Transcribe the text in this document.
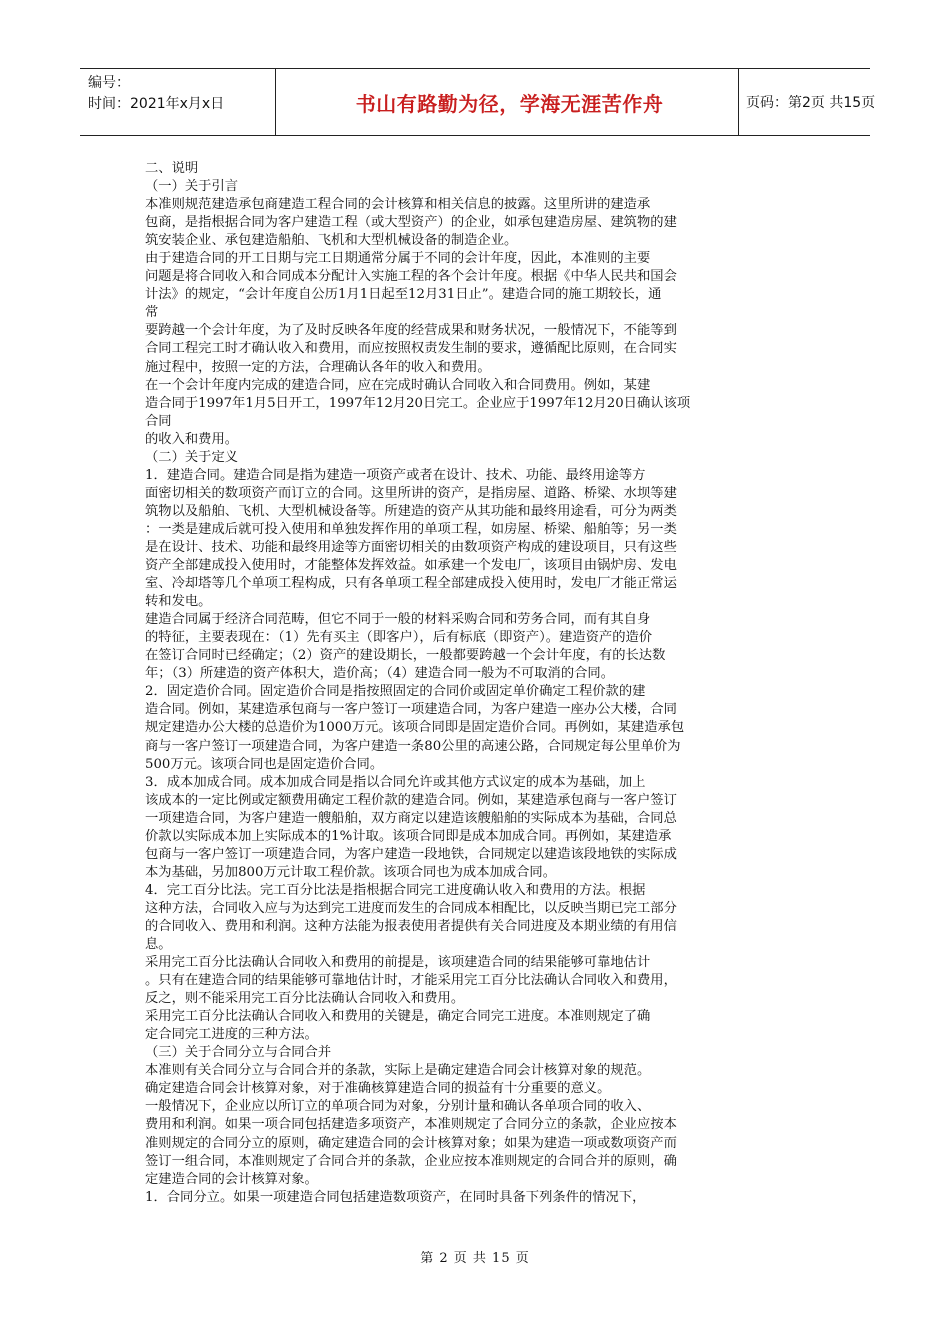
编号：
时间：2021年x月x日	书山有路勤为径，学海无涯苦作舟	页码：第2页 共15页
二、说明
（一）关于引言
本准则规范建造承包商建造工程合同的会计核算和相关信息的披露。这里所讲的建造承
包商，是指根据合同为客户建造工程（或大型资产）的企业，如承包建造房屋、建筑物的建
筑安装企业、承包建造船舶、飞机和大型机械设备的制造企业。
由于建造合同的开工日期与完工日期通常分属于不同的会计年度，因此，本准则的主要
问题是将合同收入和合同成本分配计入实施工程的各个会计年度。根据《中华人民共和国会
计法》的规定，“会计年度自公历1月1日起至12月31日止”。建造合同的施工期较长，通
常
要跨越一个会计年度，为了及时反映各年度的经营成果和财务状况，一般情况下，不能等到
合同工程完工时才确认收入和费用，而应按照权责发生制的要求，遵循配比原则，在合同实
施过程中，按照一定的方法，合理确认各年的收入和费用。
在一个会计年度内完成的建造合同，应在完成时确认合同收入和合同费用。例如，某建
造合同于1997年1月5日开工，1997年12月20日完工。企业应于1997年12月20日确认该项
合同
的收入和费用。
（二）关于定义
1．建造合同。建造合同是指为建造一项资产或者在设计、技术、功能、最终用途等方
面密切相关的数项资产而订立的合同。这里所讲的资产，是指房屋、道路、桥梁、水坝等建
筑物以及船舶、飞机、大型机械设备等。所建造的资产从其功能和最终用途看，可分为两类
：一类是建成后就可投入使用和单独发挥作用的单项工程，如房屋、桥梁、船舶等；另一类
是在设计、技术、功能和最终用途等方面密切相关的由数项资产构成的建设项目，只有这些
资产全部建成投入使用时，才能整体发挥效益。如承建一个发电厂，该项目由锅炉房、发电
室、冷却塔等几个单项工程构成，只有各单项工程全部建成投入使用时，发电厂才能正常运
转和发电。
建造合同属于经济合同范畴，但它不同于一般的材料采购合同和劳务合同，而有其自身
的特征，主要表现在：（1）先有买主（即客户），后有标底（即资产）。建造资产的造价
在签订合同时已经确定；（2）资产的建设期长，一般都要跨越一个会计年度，有的长达数
年；（3）所建造的资产体积大，造价高；（4）建造合同一般为不可取消的合同。
2．固定造价合同。固定造价合同是指按照固定的合同价或固定单价确定工程价款的建
造合同。例如，某建造承包商与一客户签订一项建造合同，为客户建造一座办公大楼，合同
规定建造办公大楼的总造价为1000万元。该项合同即是固定造价合同。再例如，某建造承包
商与一客户签订一项建造合同，为客户建造一条80公里的高速公路，合同规定每公里单价为
500万元。该项合同也是固定造价合同。
3．成本加成合同。成本加成合同是指以合同允许或其他方式议定的成本为基础，加上
该成本的一定比例或定额费用确定工程价款的建造合同。例如，某建造承包商与一客户签订
一项建造合同，为客户建造一艘船舶，双方商定以建造该艘船舶的实际成本为基础，合同总
价款以实际成本加上实际成本的1%计取。该项合同即是成本加成合同。再例如，某建造承
包商与一客户签订一项建造合同，为客户建造一段地铁，合同规定以建造该段地铁的实际成
本为基础，另加800万元计取工程价款。该项合同也为成本加成合同。
4．完工百分比法。完工百分比法是指根据合同完工进度确认收入和费用的方法。根据
这种方法，合同收入应与为达到完工进度而发生的合同成本相配比，以反映当期已完工部分
的合同收入、费用和利润。这种方法能为报表使用者提供有关合同进度及本期业绩的有用信
息。
采用完工百分比法确认合同收入和费用的前提是，该项建造合同的结果能够可靠地估计
。只有在建造合同的结果能够可靠地估计时，才能采用完工百分比法确认合同收入和费用，
反之，则不能采用完工百分比法确认合同收入和费用。
采用完工百分比法确认合同收入和费用的关键是，确定合同完工进度。本准则规定了确
定合同完工进度的三种方法。
（三）关于合同分立与合同合并
本准则有关合同分立与合同合并的条款，实际上是确定建造合同会计核算对象的规范。
确定建造合同会计核算对象，对于准确核算建造合同的损益有十分重要的意义。
一般情况下，企业应以所订立的单项合同为对象，分别计量和确认各单项合同的收入、
费用和利润。如果一项合同包括建造多项资产，本准则规定了合同分立的条款，企业应按本
准则规定的合同分立的原则，确定建造合同的会计核算对象；如果为建造一项或数项资产而
签订一组合同，本准则规定了合同合并的条款，企业应按本准则规定的合同合并的原则，确
定建造合同的会计核算对象。
1．合同分立。如果一项建造合同包括建造数项资产，在同时具备下列条件的情况下，
第 2 页 共 15 页
